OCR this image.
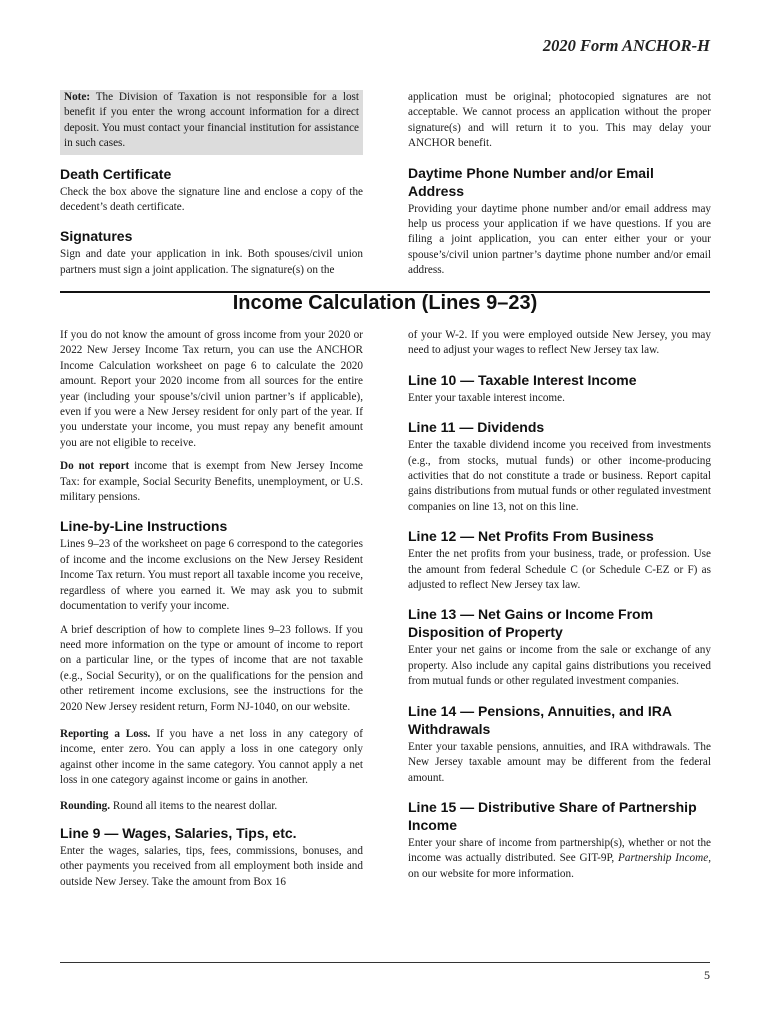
2020 Form ANCHOR-H
Note: The Division of Taxation is not responsible for a lost benefit if you enter the wrong account information for a direct deposit. You must contact your financial institution for assistance in such cases.
Death Certificate

Check the box above the signature line and enclose a copy of the decedent’s death certificate.

Signatures

Sign and date your application in ink. Both spouses/civil union partners must sign a joint application. The signature(s) on the

application must be original; photocopied signatures are not acceptable. We cannot process an application without the proper signature(s) and will return it to you. This may delay your ANCHOR benefit.

Daytime Phone Number and/or Email Address

Providing your daytime phone number and/or email address may help us process your application if we have questions. If you are filing a joint application, you can enter either your or your spouse’s/civil union partner’s daytime phone number and/or email address.

Income Calculation (Lines 9–23)

If you do not know the amount of gross income from your 2020 or 2022 New Jersey Income Tax return, you can use the ANCHOR Income Calculation worksheet on page 6 to calculate the 2020 amount. Report your 2020 income from all sources for the entire year (including your spouse’s/civil union partner’s if applicable), even if you were a New Jersey resident for only part of the year. If you understate your income, you must repay any benefit amount you are not eligible to receive.

Do not report income that is exempt from New Jersey Income Tax: for example, Social Security Benefits, unemployment, or U.S. military pensions.

Line-by-Line Instructions

Lines 9–23 of the worksheet on page 6 correspond to the categories of income and the income exclusions on the New Jersey Resident Income Tax return. You must report all taxable income you receive, regardless of where you earned it. We may ask you to submit documentation to verify your income.

A brief description of how to complete lines 9–23 follows. If you need more information on the type or amount of income to report on a particular line, or the types of income that are not taxable (e.g., Social Security), or on the qualifications for the pension and other retirement income exclusions, see the instructions for the 2020 New Jersey resident return, Form NJ-1040, on our website.

Reporting a Loss. If you have a net loss in any category of income, enter zero. You can apply a loss in one category only against other income in the same category. You cannot apply a net loss in one category against income or gains in another.

Rounding. Round all items to the nearest dollar.

Line 9 — Wages, Salaries, Tips, etc.

Enter the wages, salaries, tips, fees, commissions, bonuses, and other payments you received from all employment both inside and outside New Jersey. Take the amount from Box 16

of your W-2. If you were employed outside New Jersey, you may need to adjust your wages to reflect New Jersey tax law.

Line 10 — Taxable Interest Income

Enter your taxable interest income.

Line 11 — Dividends

Enter the taxable dividend income you received from investments (e.g., from stocks, mutual funds) or other income-producing activities that do not constitute a trade or business. Report capital gains distributions from mutual funds or other regulated investment companies on line 13, not on this line.

Line 12 — Net Profits From Business

Enter the net profits from your business, trade, or profession. Use the amount from federal Schedule C (or Schedule C-EZ or F) as adjusted to reflect New Jersey tax law.

Line 13 — Net Gains or Income From Disposition of Property

Enter your net gains or income from the sale or exchange of any property. Also include any capital gains distributions you received from mutual funds or other regulated investment companies.

Line 14 — Pensions, Annuities, and IRA Withdrawals

Enter your taxable pensions, annuities, and IRA withdrawals. The New Jersey taxable amount may be different from the federal amount.

Line 15 — Distributive Share of Partnership Income

Enter your share of income from partnership(s), whether or not the income was actually distributed. See GIT-9P, Partnership Income, on our website for more information.

5
